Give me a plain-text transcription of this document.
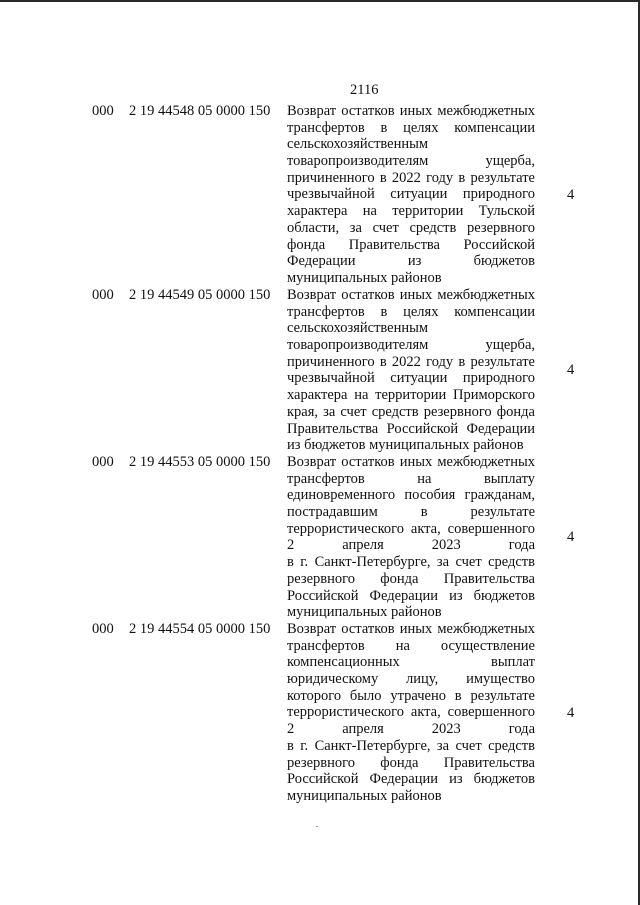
2116
000 2 19 44548 05 0000 150 Возврат остатков иных межбюджетных
трансфертов в целях компенсации
сельскохозяйственным
товаропроизводителям ущерба,
причиненного в 2022 году в результате
чрезвычайной ситуации природного
характера на территории Тульской
области, за счет средств резервного
фонда Правительства Российской
Федерации из бюджетов
муниципальных районов
4
000 2 19 44549 05 0000 150 Возврат остатков иных межбюджетных
трансфертов в целях компенсации
сельскохозяйственным
товаропроизводителям ущерба,
причиненного в 2022 году в результате
чрезвычайной ситуации природного
характера на территории Приморского
края, за счет средств резервного фонда
Правительства Российской Федерации
из бюджетов муниципальных районов
4
000 2 19 44553 05 0000 150 Возврат остатков иных межбюджетных
трансфертов на выплату
единовременного пособия гражданам,
пострадавшим в результате
террористического акта, совершенного
2 апреля 2023 года
в г. Санкт-Петербурге, за счет средств
резервного фонда Правительства
Российской Федерации из бюджетов
муниципальных районов
4
000 2 19 44554 05 0000 150 Возврат остатков иных межбюджетных
трансфертов на осуществление
компенсационных выплат
юридическому лицу, имущество
которого было утрачено в результате
террористического акта, совершенного
2 апреля 2023 года
в г. Санкт-Петербурге, за счет средств
резервного фонда Правительства
Российской Федерации из бюджетов
муниципальных районов
4
